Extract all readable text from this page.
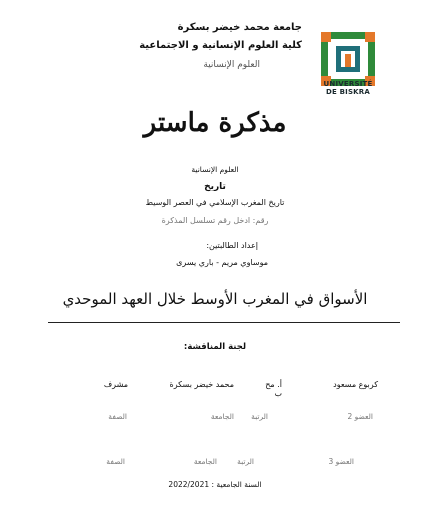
جامعة محمد خيضر بسكرة
كلية العلوم الإنسانية و الاجتماعية
العلوم الإنسانية
UNIVERSITÉ
DE BISKRA
مذكرة ماستر
العلوم الإنسانية
تاريخ
تاريخ المغرب الإسلامي في العصر الوسيط
رقم: ادخل رقم تسلسل المذكرة
إعداد الطالبتين:
موساوي مريم - باري يسرى
الأسواق في المغرب الأوسط خلال العهد الموحدي
لجنة المناقشة:
كربوع مسعود
أ. مح ب
محمد خيضر بسكرة
مشرف
العضو 2
الرتبة
الجامعة
الصفة
العضو 3
الرتبة
الجامعة
الصفة
السنة الجامعية : 2022/2021
